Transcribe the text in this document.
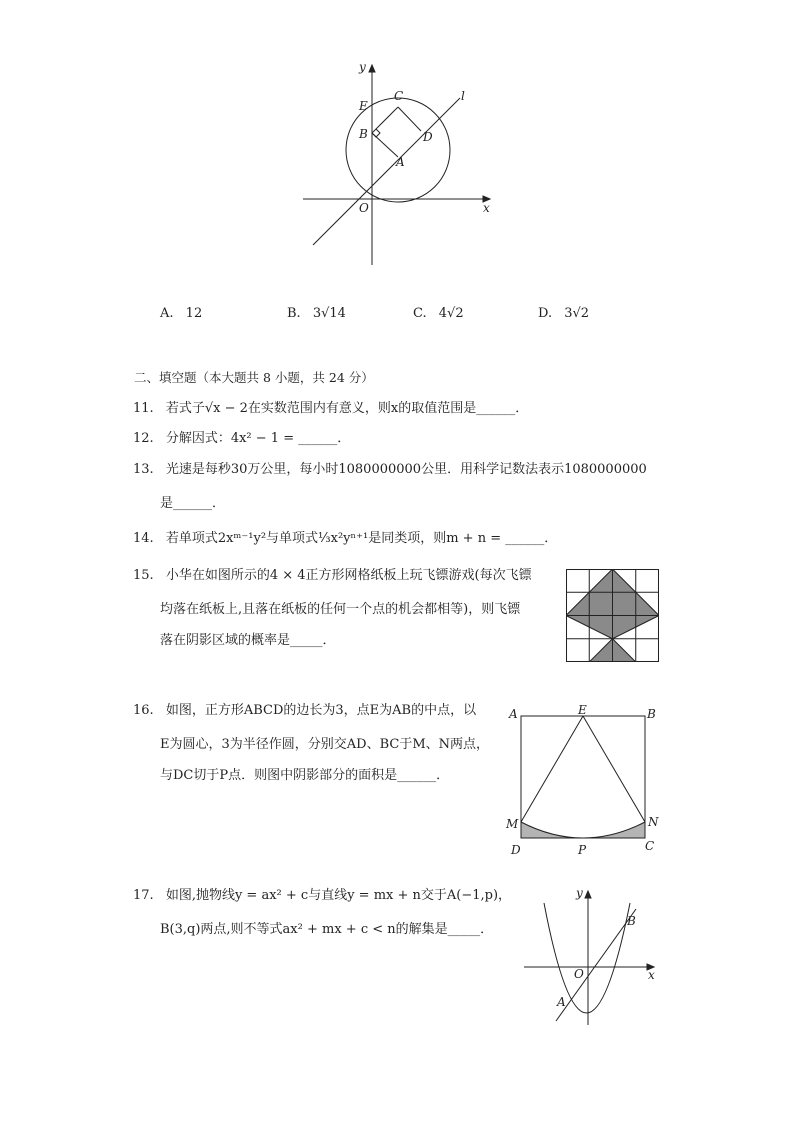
y
x
E
C	l
B	D
A
O
A. 12	B. 3√14	C. 4√2	D. 3√2
二、填空题（本大题共 8 小题，共 24 分）
11. 若式子√x − 2在实数范围内有意义，则x的取值范围是______．
12. 分解因式：4x² − 1 = ______．
13. 光速是每秒30万公里，每小时1080000000公里．用科学记数法表示1080000000
是______．
14. 若单项式2xᵐ⁻¹y²与单项式⅓x²yⁿ⁺¹是同类项，则m + n = ______．
15. 小华在如图所示的4 × 4正方形网格纸板上玩飞镖游戏(每次飞镖
均落在纸板上,且落在纸板的任何一个点的机会都相等)，则飞镖
落在阴影区域的概率是_____．
16. 如图，正方形ABCD的边长为3，点E为AB的中点，以
E为圆心，3为半径作圆，分别交AD、BC于M、N两点，
与DC切于P点．则图中阴影部分的面积是______．
A	E	B
M	N
D	P	C
17. 如图,抛物线y = ax² + c与直线y = mx + n交于A(−1,p)，
B(3,q)两点,则不等式ax² + mx + c < n的解集是_____．
y
B
O	x
A
